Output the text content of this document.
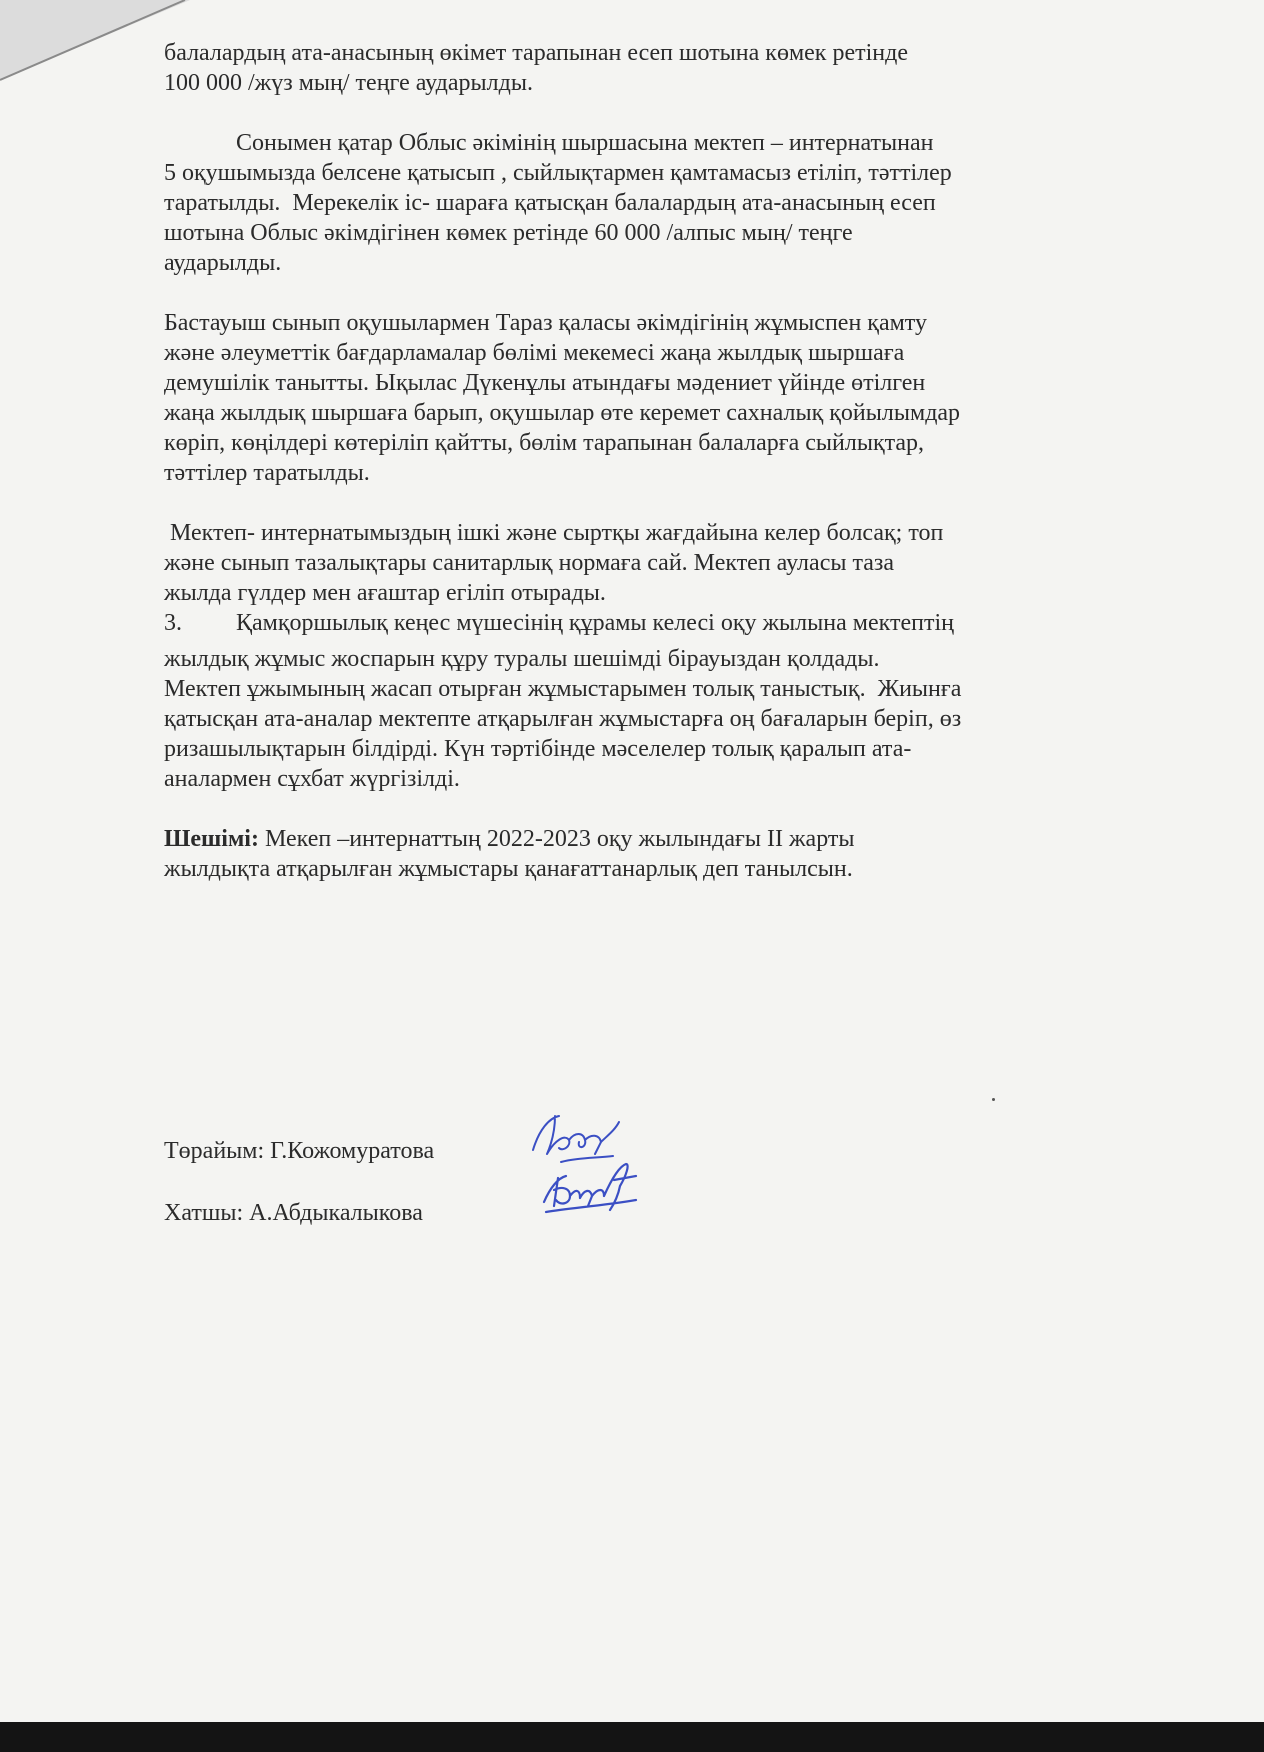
балалардың ата-анасының өкімет тарапынан есеп шотына көмек ретінде
100 000 /жүз мың/ теңге аударылды.
Сонымен қатар Облыс әкімінің шыршасына мектеп – интернатынан
5 оқушымызда белсене қатысып , сыйлықтармен қамтамасыз етіліп, тәттілер
таратылды.  Мерекелік іс- шараға қатысқан балалардың ата-анасының есеп
шотына Облыс әкімдігінен көмек ретінде 60 000 /алпыс мың/ теңге
аударылды.
Бастауыш сынып оқушылармен Тараз қаласы әкімдігінің жұмыспен қамту
және әлеуметтік бағдарламалар бөлімі мекемесі жаңа жылдық шыршаға
демушілік танытты. Ықылас Дүкенұлы атындағы мәдениет үйінде өтілген
жаңа жылдық шыршаға барып, оқушылар өте керемет сахналық қойылымдар
көріп, көңілдері көтеріліп қайтты, бөлім тарапынан балаларға сыйлықтар,
тәттілер таратылды.
Мектеп- интернатымыздың ішкі және сыртқы жағдайына келер болсақ; топ
және сынып тазалықтары санитарлық нормаға сай. Мектеп ауласы таза
жылда гүлдер мен ағаштар егіліп отырады.
3. Қамқоршылық кеңес мүшесінің құрамы келесі оқу жылына мектептің
жылдық жұмыс жоспарын құру туралы шешімді бірауыздан қолдады.
Мектеп ұжымының жасап отырған жұмыстарымен толық таныстық.  Жиынға
қатысқан ата-аналар мектепте атқарылған жұмыстарға оң бағаларын беріп, өз
ризашылықтарын білдірді. Күн тәртібінде мәселелер толық қаралып ата-
аналармен сұхбат жүргізілді.
Шешімі: Мекеп –интернаттың 2022-2023 оқу жылындағы II жарты
жылдықта атқарылған жұмыстары қанағаттанарлық деп танылсын.
Төрайым: Г.Кожомуратова
Хатшы: А.Абдыкалыкова
